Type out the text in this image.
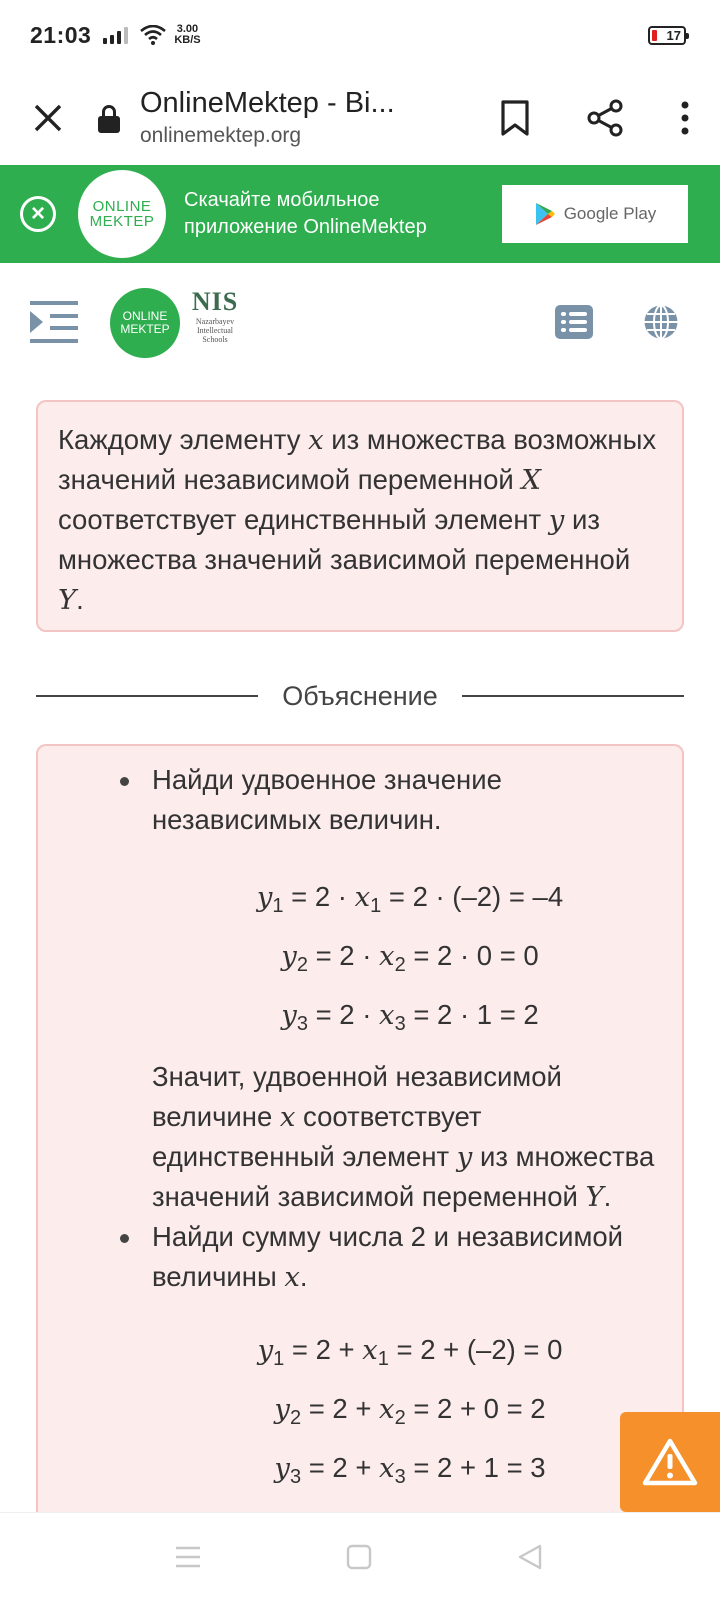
21:03	3.00
KB/S	17
OnlineMektep - Bi...
onlinemektep.org
×	ONLINE
MEKTEP
Скачайте мобильное приложение OnlineMektep
Google Play
ONLINE
MEKTEP
NIS
Nazarbayev
Intellectual
Schools

Каждому элементу x из множества возможных значений независимой переменной X соответствует единственный элемент y из множества значений зависимой переменной Y.

Объяснение
Найди удвоенное значение независимых величин.
$y_1 = 2 \cdot x_1 = 2 \cdot (-2) = -4$
$y_2 = 2 \cdot x_2 = 2 \cdot 0 = 0$
$y_3 = 2 \cdot x_3 = 2 \cdot 1 = 2$
Значит, удвоенной независимой величине x соответствует единственный элемент y из множества значений зависимой переменной Y.
Найди сумму числа 2 и независимой величины x.
$y_1 = 2 + x_1 = 2 + (-2) = 0$
$y_2 = 2 + x_2 = 2 + 0 = 2$
$y_3 = 2 + x_3 = 2 + 1 = 3$
